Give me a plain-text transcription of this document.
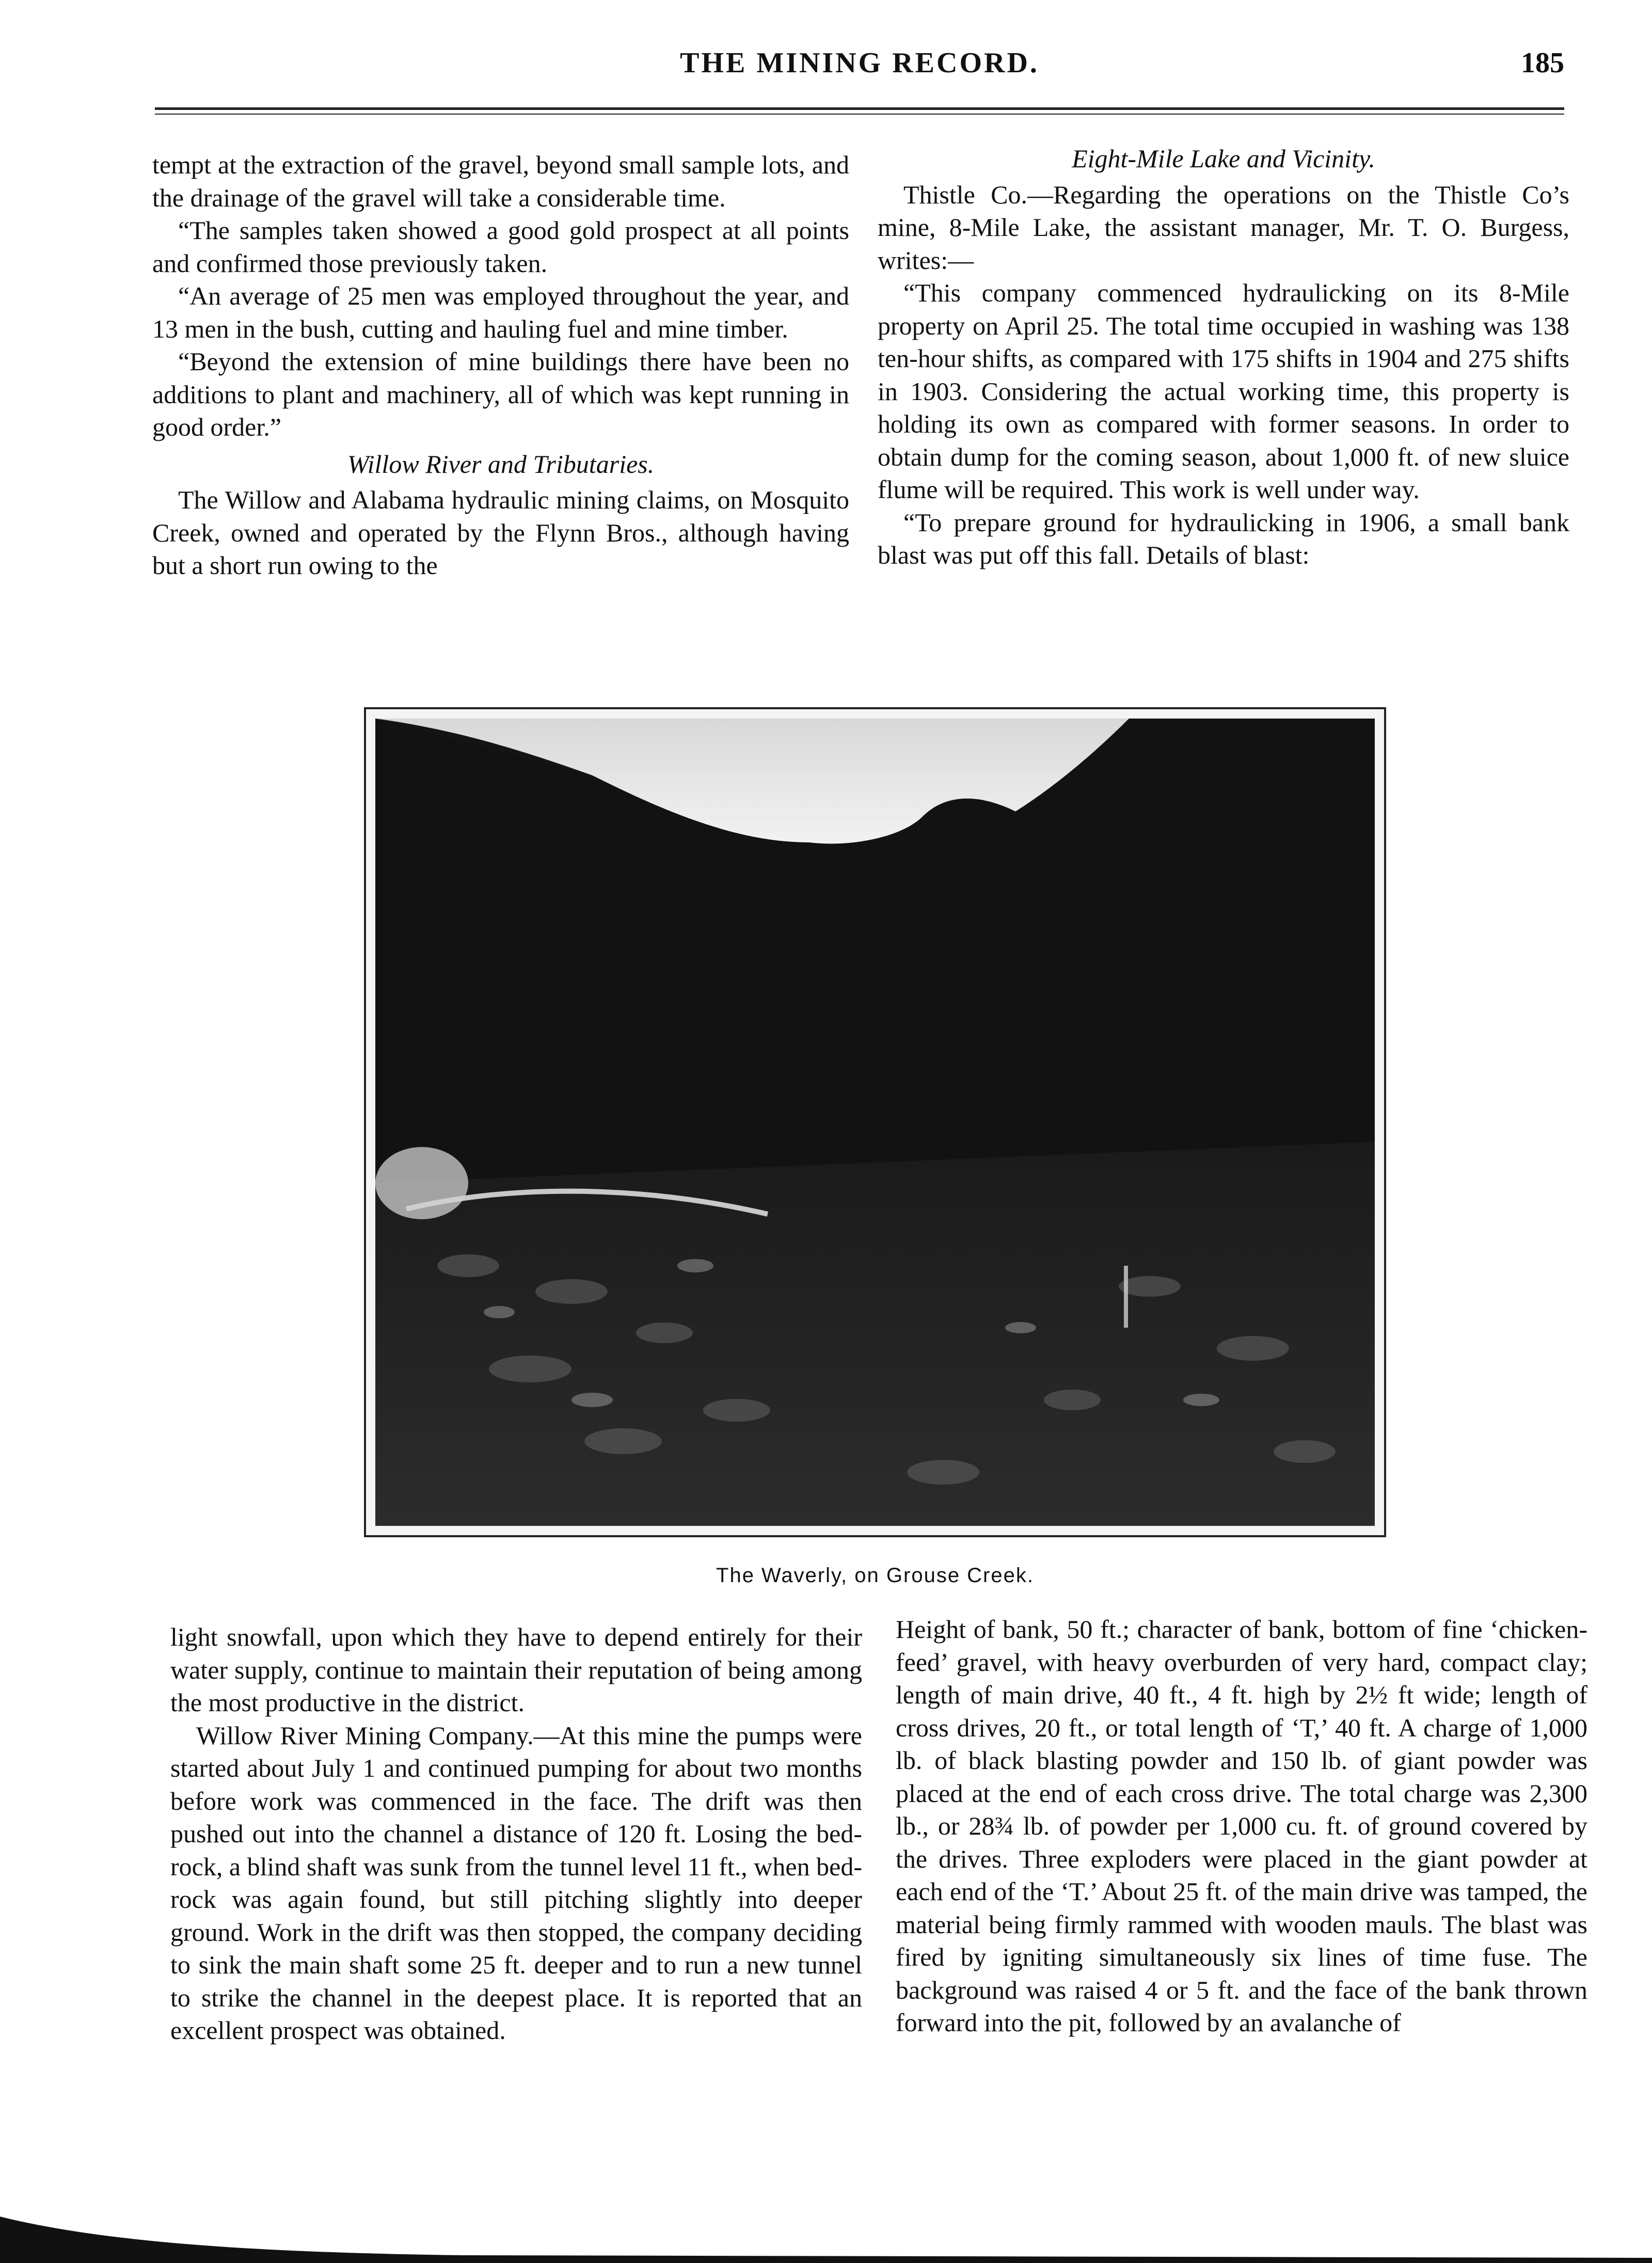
THE MINING RECORD.	185

tempt at the extraction of the gravel, beyond small sample lots, and the drainage of the gravel will take a considerable time.

“The samples taken showed a good gold prospect at all points and confirmed those previously taken.

“An average of 25 men was employed throughout the year, and 13 men in the bush, cutting and hauling fuel and mine timber.

“Beyond the extension of mine buildings there have been no additions to plant and machinery, all of which was kept running in good order.”

Willow River and Tributaries.

The Willow and Alabama hydraulic mining claims, on Mosquito Creek, owned and operated by the Flynn Bros., although having but a short run owing to the

Eight-Mile Lake and Vicinity.

Thistle Co.—Regarding the operations on the Thistle Co’s mine, 8-Mile Lake, the assistant manager, Mr. T. O. Burgess, writes:—

“This company commenced hydraulicking on its 8-Mile property on April 25. The total time occupied in washing was 138 ten-hour shifts, as compared with 175 shifts in 1904 and 275 shifts in 1903. Considering the actual working time, this property is holding its own as compared with former seasons. In order to obtain dump for the coming season, about 1,000 ft. of new sluice flume will be required. This work is well under way.

“To prepare ground for hydraulicking in 1906, a small bank blast was put off this fall. Details of blast:

The Waverly, on Grouse Creek.

light snowfall, upon which they have to depend entirely for their water supply, continue to maintain their reputation of being among the most productive in the district.

Willow River Mining Company.—At this mine the pumps were started about July 1 and continued pumping for about two months before work was commenced in the face. The drift was then pushed out into the channel a distance of 120 ft. Losing the bed-rock, a blind shaft was sunk from the tunnel level 11 ft., when bed-rock was again found, but still pitching slightly into deeper ground. Work in the drift was then stopped, the company deciding to sink the main shaft some 25 ft. deeper and to run a new tunnel to strike the channel in the deepest place. It is reported that an excellent prospect was obtained.

Height of bank, 50 ft.; character of bank, bottom of fine ‘chicken-feed’ gravel, with heavy overburden of very hard, compact clay; length of main drive, 40 ft., 4 ft. high by 2½ ft wide; length of cross drives, 20 ft., or total length of ‘T,’ 40 ft. A charge of 1,000 lb. of black blasting powder and 150 lb. of giant powder was placed at the end of each cross drive. The total charge was 2,300 lb., or 28¾ lb. of powder per 1,000 cu. ft. of ground covered by the drives. Three exploders were placed in the giant powder at each end of the ‘T.’ About 25 ft. of the main drive was tamped, the material being firmly rammed with wooden mauls. The blast was fired by igniting simultaneously six lines of time fuse. The background was raised 4 or 5 ft. and the face of the bank thrown forward into the pit, followed by an avalanche of
